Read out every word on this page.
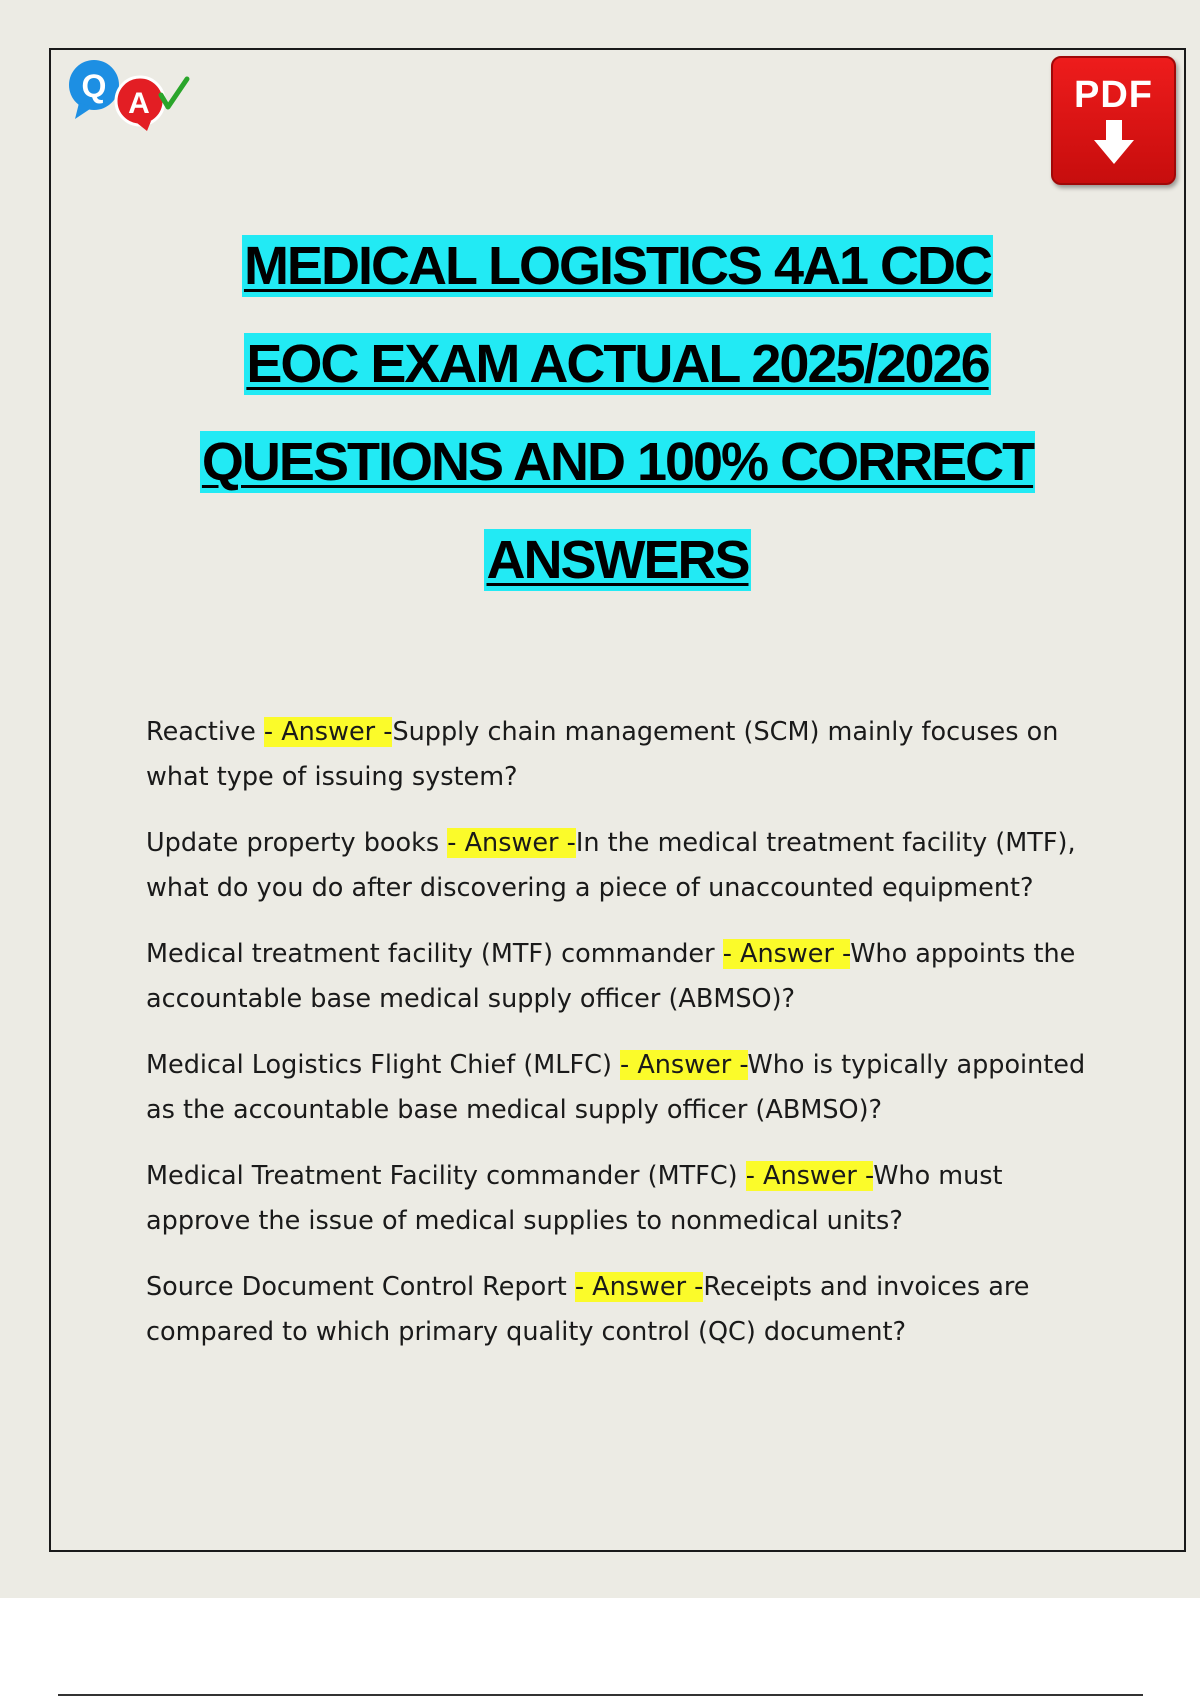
Q A	PDF
MEDICAL LOGISTICS 4A1 CDC
EOC EXAM ACTUAL 2025/2026
QUESTIONS AND 100% CORRECT
ANSWERS

Reactive - Answer -Supply chain management (SCM) mainly focuses on what type of issuing system?

Update property books - Answer -In the medical treatment facility (MTF), what do you do after discovering a piece of unaccounted equipment?

Medical treatment facility (MTF) commander - Answer -Who appoints the accountable base medical supply officer (ABMSO)?

Medical Logistics Flight Chief (MLFC) - Answer -Who is typically appointed as the accountable base medical supply officer (ABMSO)?

Medical Treatment Facility commander (MTFC) - Answer -Who must approve the issue of medical supplies to nonmedical units?

Source Document Control Report - Answer -Receipts and invoices are compared to which primary quality control (QC) document?
